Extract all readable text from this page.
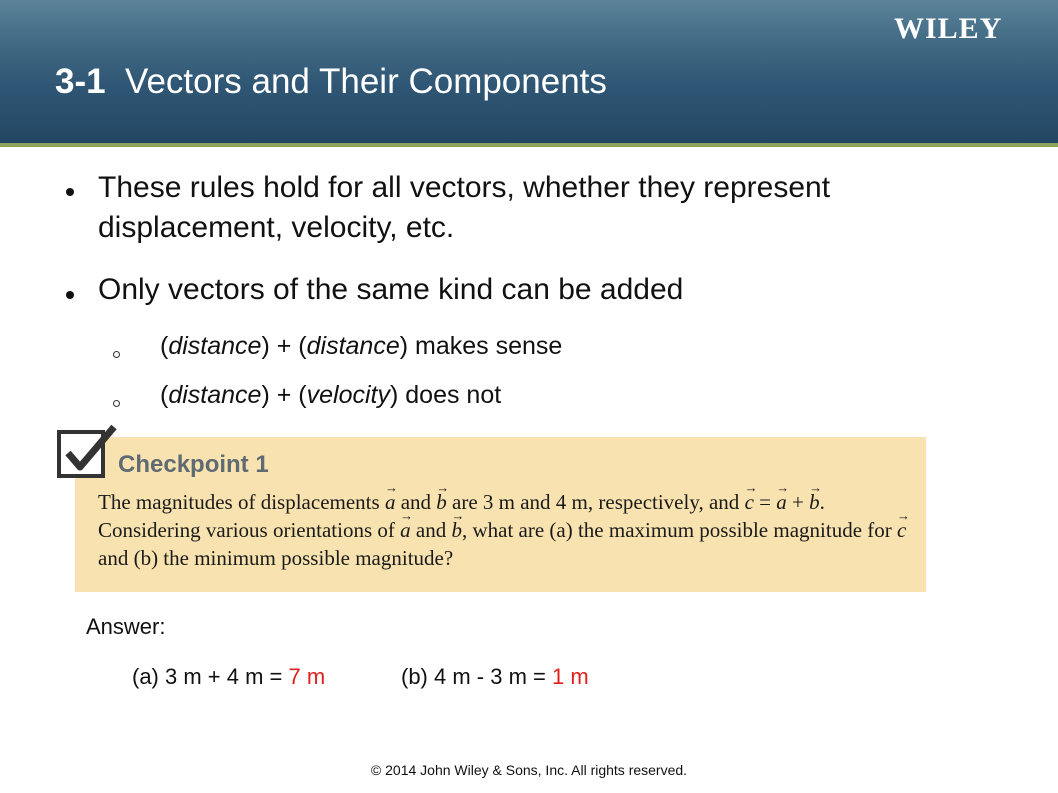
WILEY
3-1 Vectors and Their Components
These rules hold for all vectors, whether they represent displacement, velocity, etc.
Only vectors of the same kind can be added
(distance) + (distance) makes sense
(distance) + (velocity) does not
Checkpoint 1
The magnitudes of displacements → a and → b are 3 m and 4 m, respectively, and → c = → a + → b. Considering various orientations of → a and → b, what are (a) the maximum possible magnitude for → c and (b) the minimum possible magnitude?
Answer:
(a) 3 m + 4 m = 7 m	(b) 4 m - 3 m = 1 m
© 2014 John Wiley & Sons, Inc. All rights reserved.
